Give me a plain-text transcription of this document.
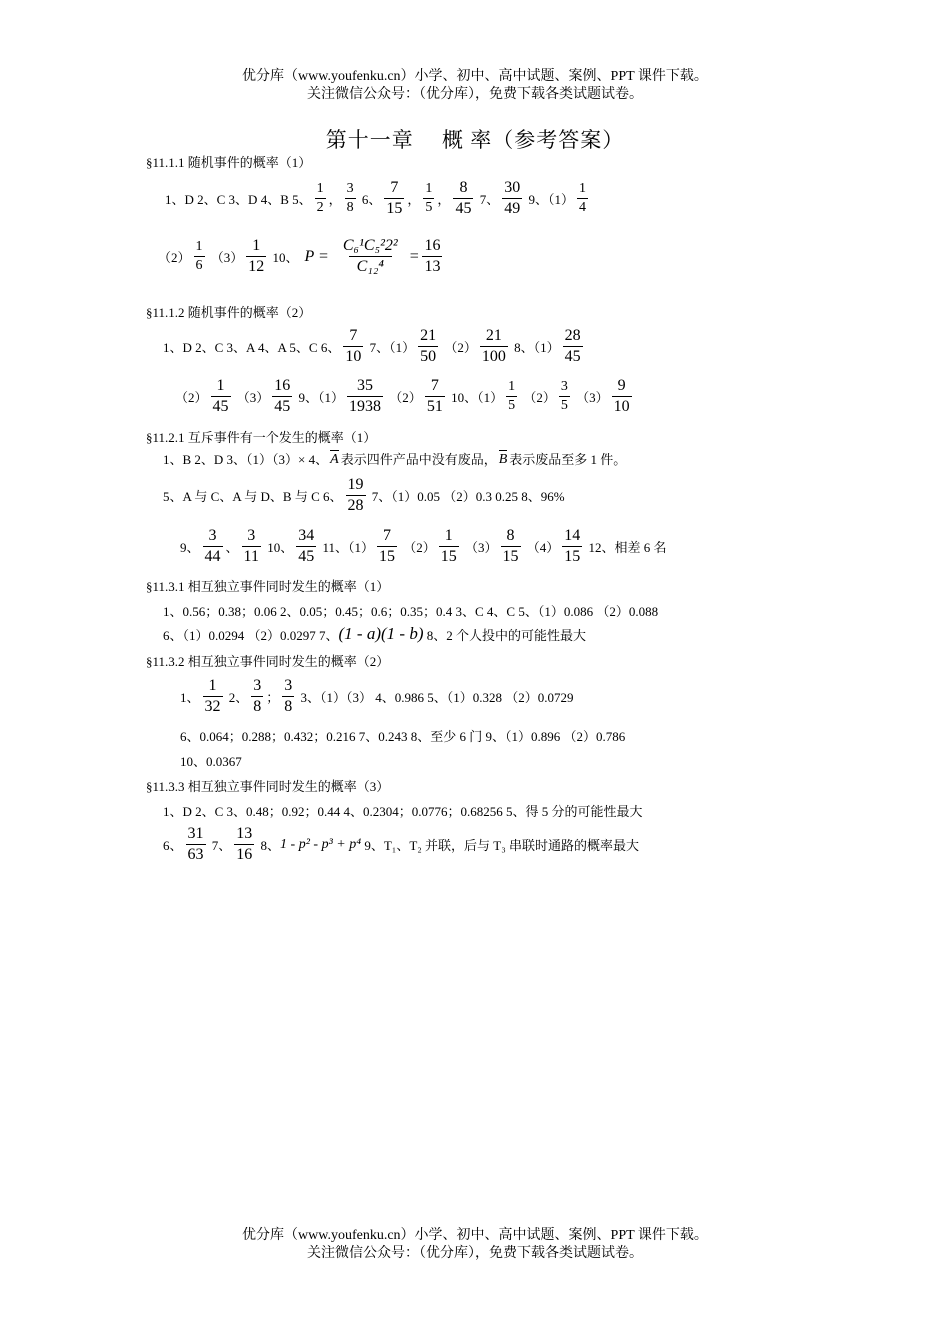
优分库（www.youfenku.cn）小学、初中、高中试题、案例、PPT 课件下载。
关注微信公众号：（优分库），免费下载各类试题试卷。
第十一章　 概 率（参考答案）
§11.1.1 随机事件的概率（1）
1、D 2、C 3、D 4、B 5、 $\frac{1}{2}$ ， $\frac{3}{8} 6$、 $\frac{7}{15}$ ， $\frac{1}{5}$ ， $\frac{8}{45} 7$、 $\frac{30}{49} 9$、$(1) \frac{1}{4}$
$(2) \frac{1}{6} (3) \frac{1}{12} 10$、 $P = \frac{\text{C₆¹C₅²2²}}{\text{C₁₂⁴}} = \frac{16}{13}$
§11.1.2 随机事件的概率（2）
1、D 2、C 3、A 4、A 5、C 6、 $\frac{7}{10} 7$、$(1) \frac{21}{50} (2) \frac{21}{100} 8$、$(1) \frac{28}{45}$
$(2) \frac{1}{45} (3) \frac{16}{45} 9$、$(1) \frac{35}{1938} (2) \frac{7}{51} 10$、$(1) \frac{1}{5} (2) \frac{3}{5} (3) \frac{9}{10}$
§11.2.1 互斥事件有一个发生的概率（1）
1、B 2、D 3、（1）（3）× 4、 A 表示四件产品中没有废品， B 表示废品至多 1 件。
5、A 与 C、A 与 D、B 与 C 6、 $\frac{19}{28} 7$、（1）0.05 （2）0.3 0.25 8、96%
9、 $\frac{3}{44}$ 、 $\frac{3}{11} 10$、 $\frac{34}{45} 11$、$(1) \frac{7}{15} (2) \frac{1}{15} (3) \frac{8}{15} (4) \frac{14}{15} 12$、相差 6 名
§11.3.1 相互独立事件同时发生的概率（1）
1、0.56；0.38；0.06 2、0.05；0.45；0.6；0.35；0.4 3、C 4、C 5、（1）0.086 （2）0.088
6、（1）0.0294 （2）0.0297 7、 (1 - a)(1 - b) 8、2 个人投中的可能性最大
§11.3.2 相互独立事件同时发生的概率（2）
1、 $\frac{1}{32} 2$、 $\frac{3}{8}$ ； $\frac{3}{8} 3$、（1）（3） 4、0.986 5、（1）0.328 （2）0.0729
6、0.064；0.288；0.432；0.216 7、0.243 8、至少 6 门 9、（1）0.896 （2）0.786
10、0.0367
§11.3.3 相互独立事件同时发生的概率（3）
1、D 2、C 3、0.48；0.92；0.44 4、0.2304；0.0776；0.68256 5、得 5 分的可能性最大
6、 $\frac{31}{63} 7$、 $\frac{13}{16} 8$、 1 - p² - p³ + p⁴ 9、T₁、T₂ 并联，后与 T₃ 串联时通路的概率最大
优分库（www.youfenku.cn）小学、初中、高中试题、案例、PPT 课件下载。
关注微信公众号：（优分库），免费下载各类试题试卷。
